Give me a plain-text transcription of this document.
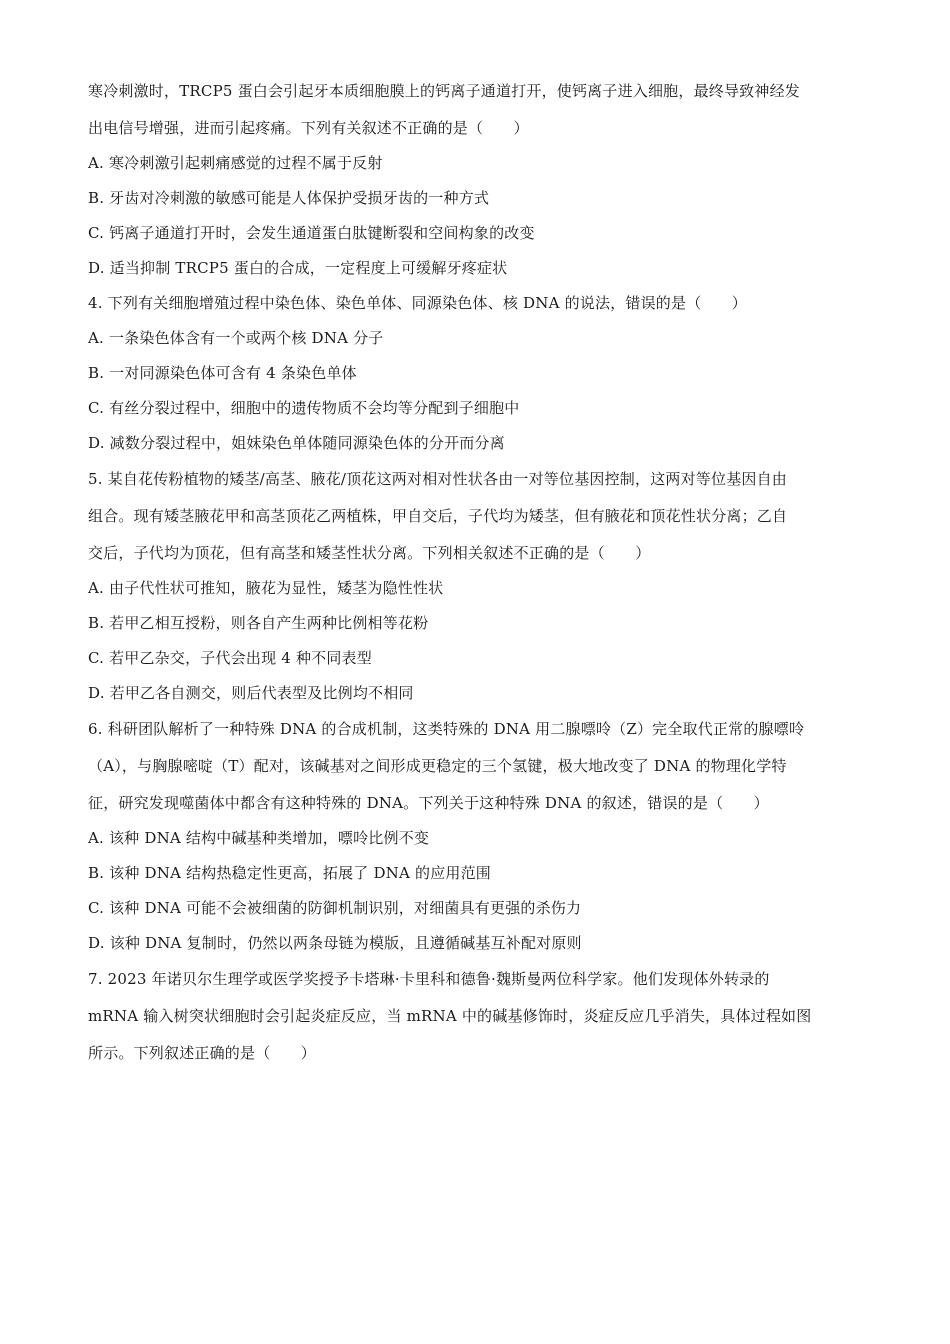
寒冷刺激时，TRCP5 蛋白会引起牙本质细胞膜上的钙离子通道打开，使钙离子进入细胞，最终导致神经发
出电信号增强，进而引起疼痛。下列有关叙述不正确的是（　　）
A. 寒冷刺激引起刺痛感觉的过程不属于反射
B. 牙齿对冷刺激的敏感可能是人体保护受损牙齿的一种方式
C. 钙离子通道打开时，会发生通道蛋白肽键断裂和空间构象的改变
D. 适当抑制 TRCP5 蛋白的合成，一定程度上可缓解牙疼症状
4. 下列有关细胞增殖过程中染色体、染色单体、同源染色体、核 DNA 的说法，错误的是（　　）
A. 一条染色体含有一个或两个核 DNA 分子
B. 一对同源染色体可含有 4 条染色单体
C. 有丝分裂过程中，细胞中的遗传物质不会均等分配到子细胞中
D. 减数分裂过程中，姐妹染色单体随同源染色体的分开而分离
5. 某自花传粉植物的矮茎/高茎、腋花/顶花这两对相对性状各由一对等位基因控制，这两对等位基因自由
组合。现有矮茎腋花甲和高茎顶花乙两植株，甲自交后，子代均为矮茎，但有腋花和顶花性状分离；乙自
交后，子代均为顶花，但有高茎和矮茎性状分离。下列相关叙述不正确的是（　　）
A. 由子代性状可推知，腋花为显性，矮茎为隐性性状
B. 若甲乙相互授粉，则各自产生两种比例相等花粉
C. 若甲乙杂交，子代会出现 4 种不同表型
D. 若甲乙各自测交，则后代表型及比例均不相同
6. 科研团队解析了一种特殊 DNA 的合成机制，这类特殊的 DNA 用二腺嘌呤（Z）完全取代正常的腺嘌呤
（A），与胸腺嘧啶（T）配对，该碱基对之间形成更稳定的三个氢键，极大地改变了 DNA 的物理化学特
征，研究发现噬菌体中都含有这种特殊的 DNA。下列关于这种特殊 DNA 的叙述，错误的是（　　）
A. 该种 DNA 结构中碱基种类增加，嘌呤比例不变
B. 该种 DNA 结构热稳定性更高，拓展了 DNA 的应用范围
C. 该种 DNA 可能不会被细菌的防御机制识别，对细菌具有更强的杀伤力
D. 该种 DNA 复制时，仍然以两条母链为模版，且遵循碱基互补配对原则
7. 2023 年诺贝尔生理学或医学奖授予卡塔琳·卡里科和德鲁·魏斯曼两位科学家。他们发现体外转录的
mRNA 输入树突状细胞时会引起炎症反应，当 mRNA 中的碱基修饰时，炎症反应几乎消失，具体过程如图
所示。下列叙述正确的是（　　）
